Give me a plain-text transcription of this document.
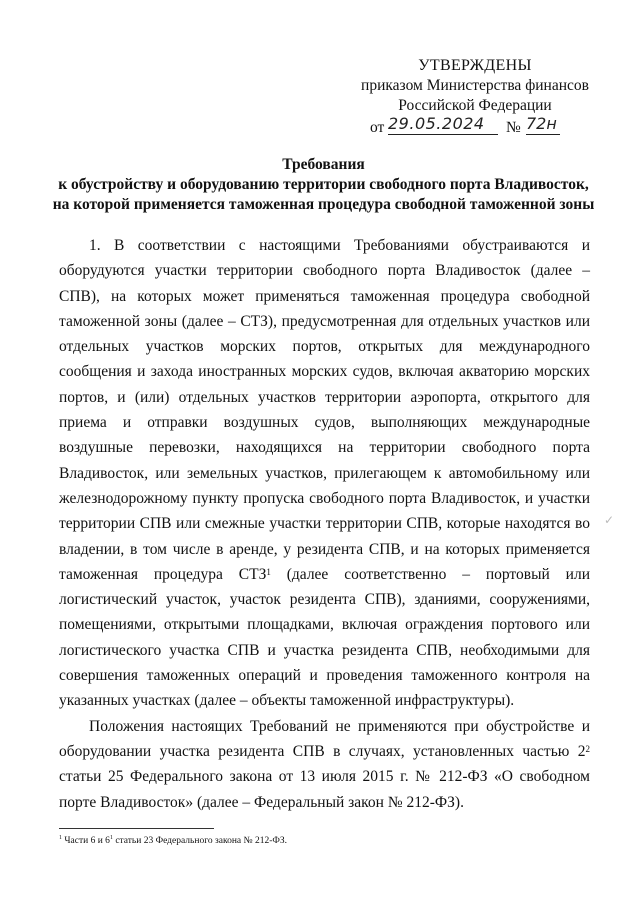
УТВЕРЖДЕНЫ
приказом Министерства финансов
Российской Федерации
от 29.05.2024	№ 72н
Требования
к обустройству и оборудованию территории свободного порта Владивосток,
на которой применяется таможенная процедура свободной таможенной зоны

1. В соответствии с настоящими Требованиями обустраиваются и оборудуются участки территории свободного порта Владивосток (далее – СПВ), на которых может применяться таможенная процедура свободной таможенной зоны (далее – СТЗ), предусмотренная для отдельных участков или отдельных участков морских портов, открытых для международного сообщения и захода иностранных морских судов, включая акваторию морских портов, и (или) отдельных участков территории аэропорта, открытого для приема и отправки воздушных судов, выполняющих международные воздушные перевозки, находящихся на территории свободного порта Владивосток, или земельных участков, прилегающем к автомобильному или железнодорожному пункту пропуска свободного порта Владивосток, и участки территории СПВ или смежные участки территории СПВ, которые находятся во владении, в том числе в аренде, у резидента СПВ, и на которых применяется таможенная процедура СТЗ$^1$ (далее соответственно – портовый или логистический участок, участок резидента СПВ), зданиями, сооружениями, помещениями, открытыми площадками, включая ограждения портового или логистического участка СПВ и участка резидента СПВ, необходимыми для совершения таможенных операций и проведения таможенного контроля на указанных участках (далее – объекты таможенной инфраструктуры).

Положения настоящих Требований не применяются при обустройстве и оборудовании участка резидента СПВ в случаях, установленных частью $2^2$ статьи 25 Федерального закона от 13 июля 2015 г. № 212-ФЗ «О свободном порте Владивосток» (далее – Федеральный закон № 212-ФЗ).

$^1$ Части 6 и $6^1$ статьи 23 Федерального закона № 212-ФЗ.
✓
